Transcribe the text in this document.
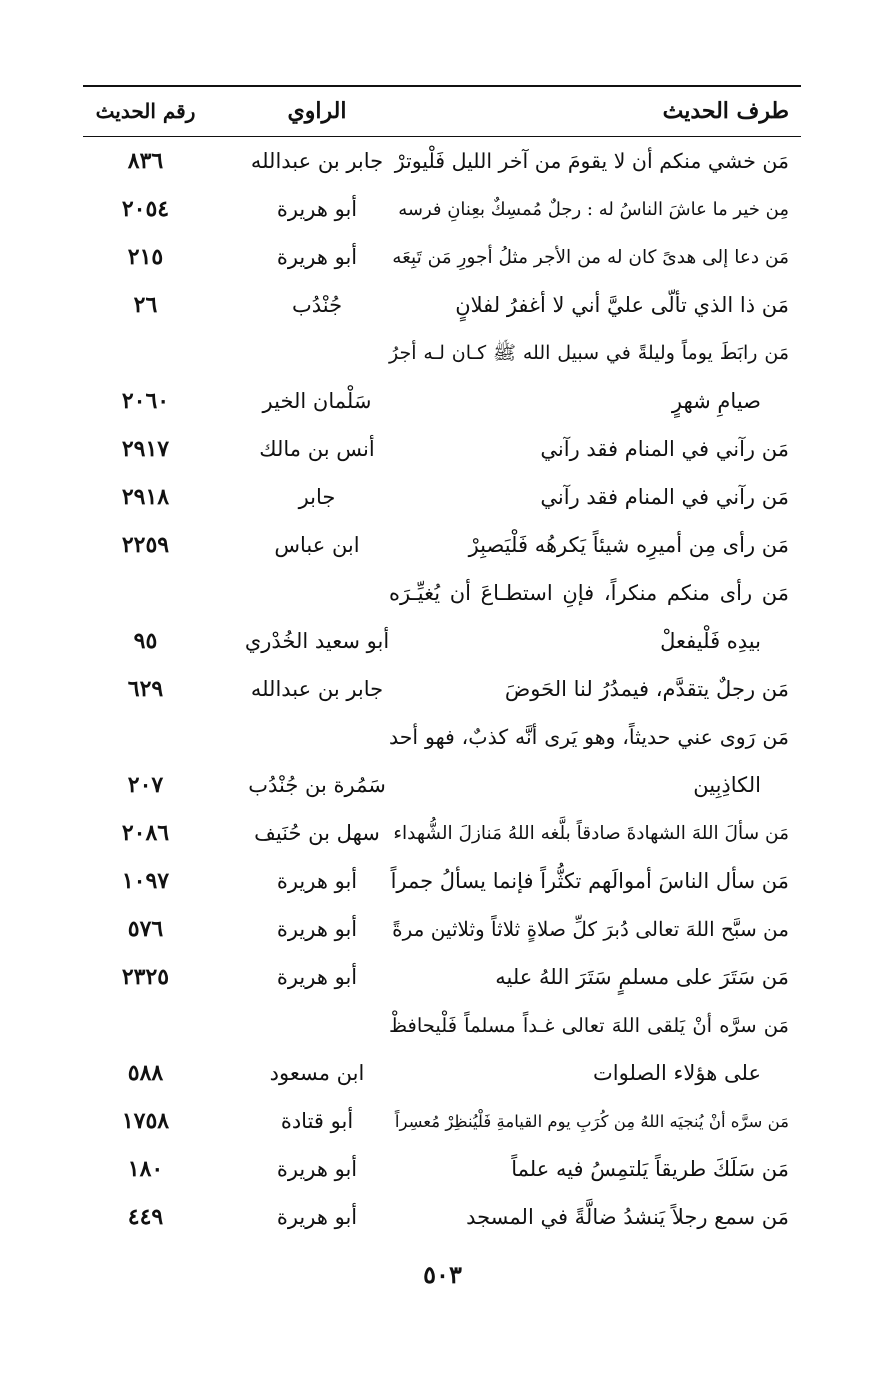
طرف الحديث
الراوي
رقم الحديث
مَن خشي منكم أن لا يقومَ من آخر الليل فَلْيوترْ
جابر بن عبدالله
٨٣٦
مِن خير ما عاشَ الناسُ له : رجلٌ مُمسِكٌ بعِنانِ فرسه
أبو هريرة
٢٠٥٤
مَن دعا إلى هدىً كان له من الأجر مثلُ أجورِ مَن تَبِعَه
أبو هريرة
٢١٥
مَن ذا الذي تألّى عليَّ أني لا أغفرُ لفلانٍ
جُنْدُب
٢٦
مَن رابَطَ يوماً وليلةً في سبيل الله ﷺ كـان لـه أجرُ
صيامِ شهرٍ
سَلْمان الخير
٢٠٦٠
مَن رآني في المنام فقد رآني
أنس بن مالك
٢٩١٧
مَن رآني في المنام فقد رآني
جابر
٢٩١٨
مَن رأى مِن أميرِه شيئاً يَكرهُه فَلْيَصبِرْ
ابن عباس
٢٢٥٩
مَن رأى منكم منكراً، فإنِ استطـاعَ أن يُغيِّـرَه
بيدِه فَلْيفعلْ
أبو سعيد الخُدْري
٩٥
مَن رجلٌ يتقدَّم، فيمدُرُ لنا الحَوضَ
جابر بن عبدالله
٦٢٩
مَن رَوى عني حديثاً، وهو يَرى أنَّه كذبٌ، فهو أحد
الكاذِبِين
سَمُرة بن جُنْدُب
٢٠٧
مَن سألَ اللهَ الشهادةَ صادقاً بلَّغه اللهُ مَنازلَ الشُّهداء
سهل بن حُنَيف
٢٠٨٦
مَن سأل الناسَ أموالَهم تكثُّراً فإنما يسألُ جمراً
أبو هريرة
١٠٩٧
من سبَّح اللهَ تعالى دُبرَ كلِّ صلاةٍ ثلاثاً وثلاثين مرةً
أبو هريرة
٥٧٦
مَن سَتَرَ على مسلمٍ سَتَرَ اللهُ عليه
أبو هريرة
٢٣٢٥
مَن سرَّه أنْ يَلقى اللهَ تعالى غـداً مسلماً فَلْيحافظْ
على هؤلاء الصلوات
ابن مسعود
٥٨٨
مَن سرَّه أنْ يُنجيَه اللهُ مِن كُرَبِ يوم القيامةِ فَلْيُنظِرْ مُعسِراً
أبو قتادة
١٧٥٨
مَن سَلَكَ طريقاً يَلتمِسُ فيه علماً
أبو هريرة
١٨٠
مَن سمع رجلاً يَنشدُ ضالَّةً في المسجد
أبو هريرة
٤٤٩
٥٠٣
